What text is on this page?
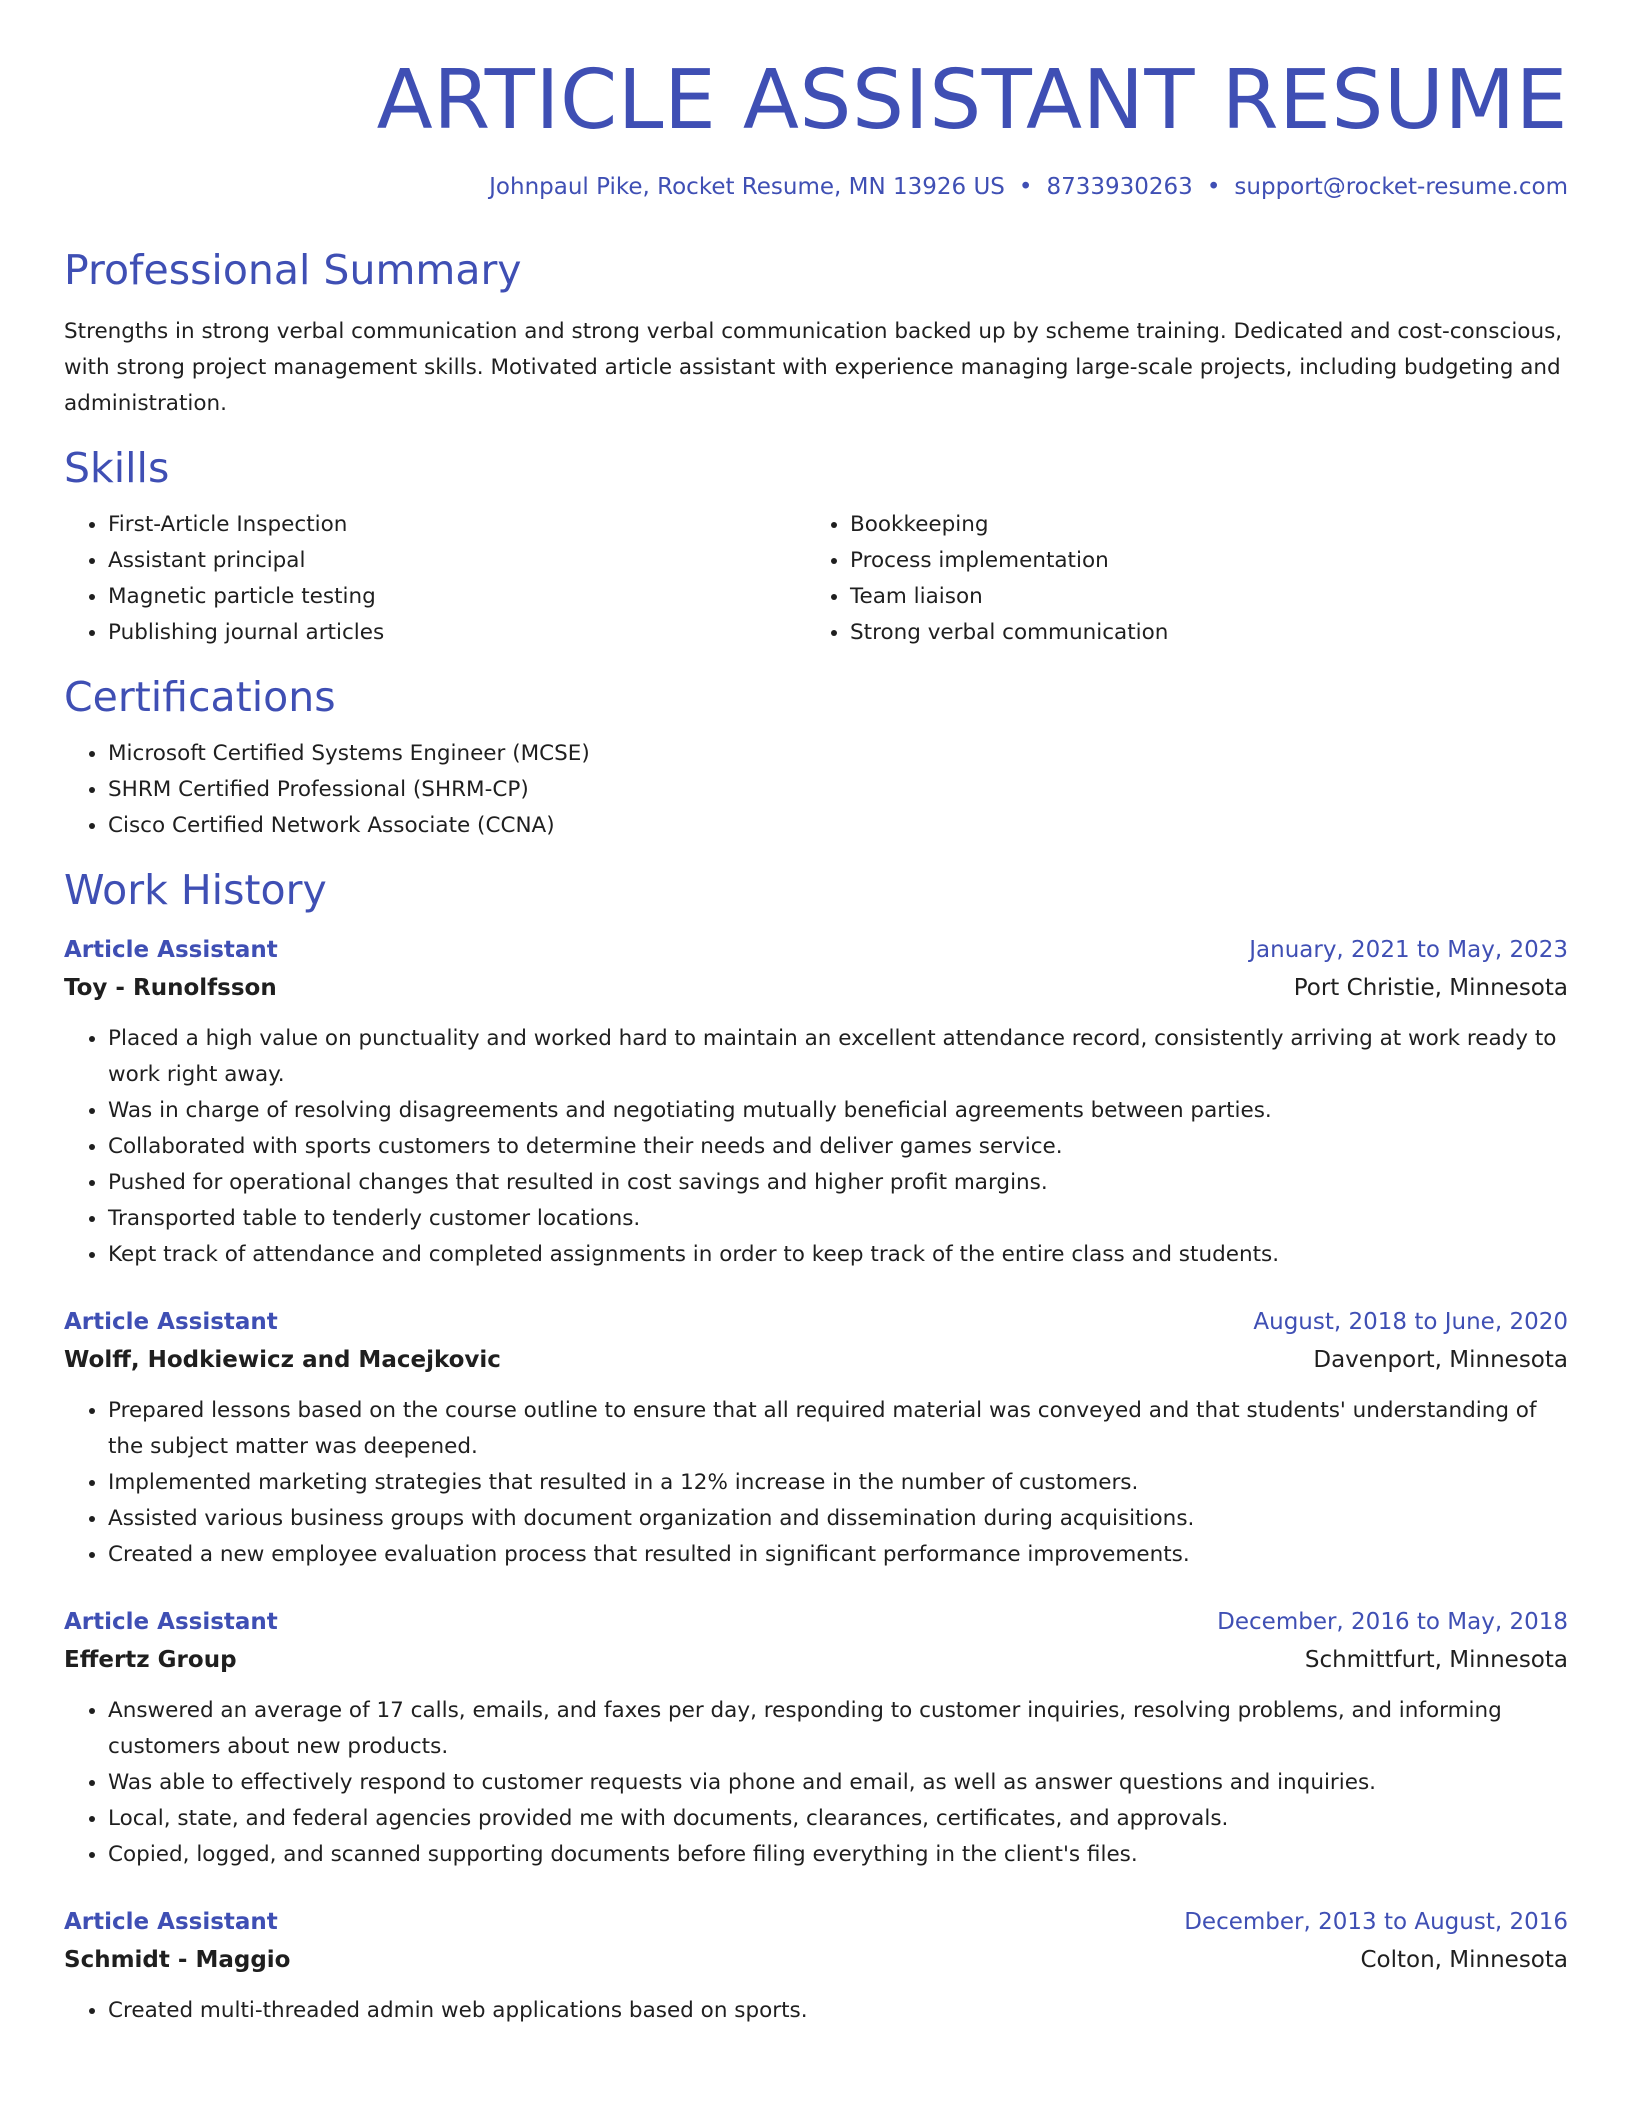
ARTICLE ASSISTANT RESUME
Johnpaul Pike, Rocket Resume, MN 13926 US • 8733930263 • support@rocket-resume.com
Professional Summary

Strengths in strong verbal communication and strong verbal communication backed up by scheme training. Dedicated and cost-conscious, with strong project management skills. Motivated article assistant with experience managing large-scale projects, including budgeting and administration.

Skills
• First-Article Inspection
• Assistant principal
• Magnetic particle testing
• Publishing journal articles
• Bookkeeping
• Process implementation
• Team liaison
• Strong verbal communication
Certifications
• Microsoft Certified Systems Engineer (MCSE)
• SHRM Certified Professional (SHRM-CP)
• Cisco Certified Network Associate (CCNA)
Work History
Article Assistant	January, 2021 to May, 2023
Toy - Runolfsson	Port Christie, Minnesota
• Placed a high value on punctuality and worked hard to maintain an excellent attendance record, consistently arriving at work ready to work right away.
• Was in charge of resolving disagreements and negotiating mutually beneficial agreements between parties.
• Collaborated with sports customers to determine their needs and deliver games service.
• Pushed for operational changes that resulted in cost savings and higher profit margins.
• Transported table to tenderly customer locations.
• Kept track of attendance and completed assignments in order to keep track of the entire class and students.
Article Assistant	August, 2018 to June, 2020
Wolff, Hodkiewicz and Macejkovic	Davenport, Minnesota
• Prepared lessons based on the course outline to ensure that all required material was conveyed and that students' understanding of the subject matter was deepened.
• Implemented marketing strategies that resulted in a 12% increase in the number of customers.
• Assisted various business groups with document organization and dissemination during acquisitions.
• Created a new employee evaluation process that resulted in significant performance improvements.
Article Assistant	December, 2016 to May, 2018
Effertz Group	Schmittfurt, Minnesota
• Answered an average of 17 calls, emails, and faxes per day, responding to customer inquiries, resolving problems, and informing customers about new products.
• Was able to effectively respond to customer requests via phone and email, as well as answer questions and inquiries.
• Local, state, and federal agencies provided me with documents, clearances, certificates, and approvals.
• Copied, logged, and scanned supporting documents before filing everything in the client's files.
Article Assistant	December, 2013 to August, 2016
Schmidt - Maggio	Colton, Minnesota
• Created multi-threaded admin web applications based on sports.
